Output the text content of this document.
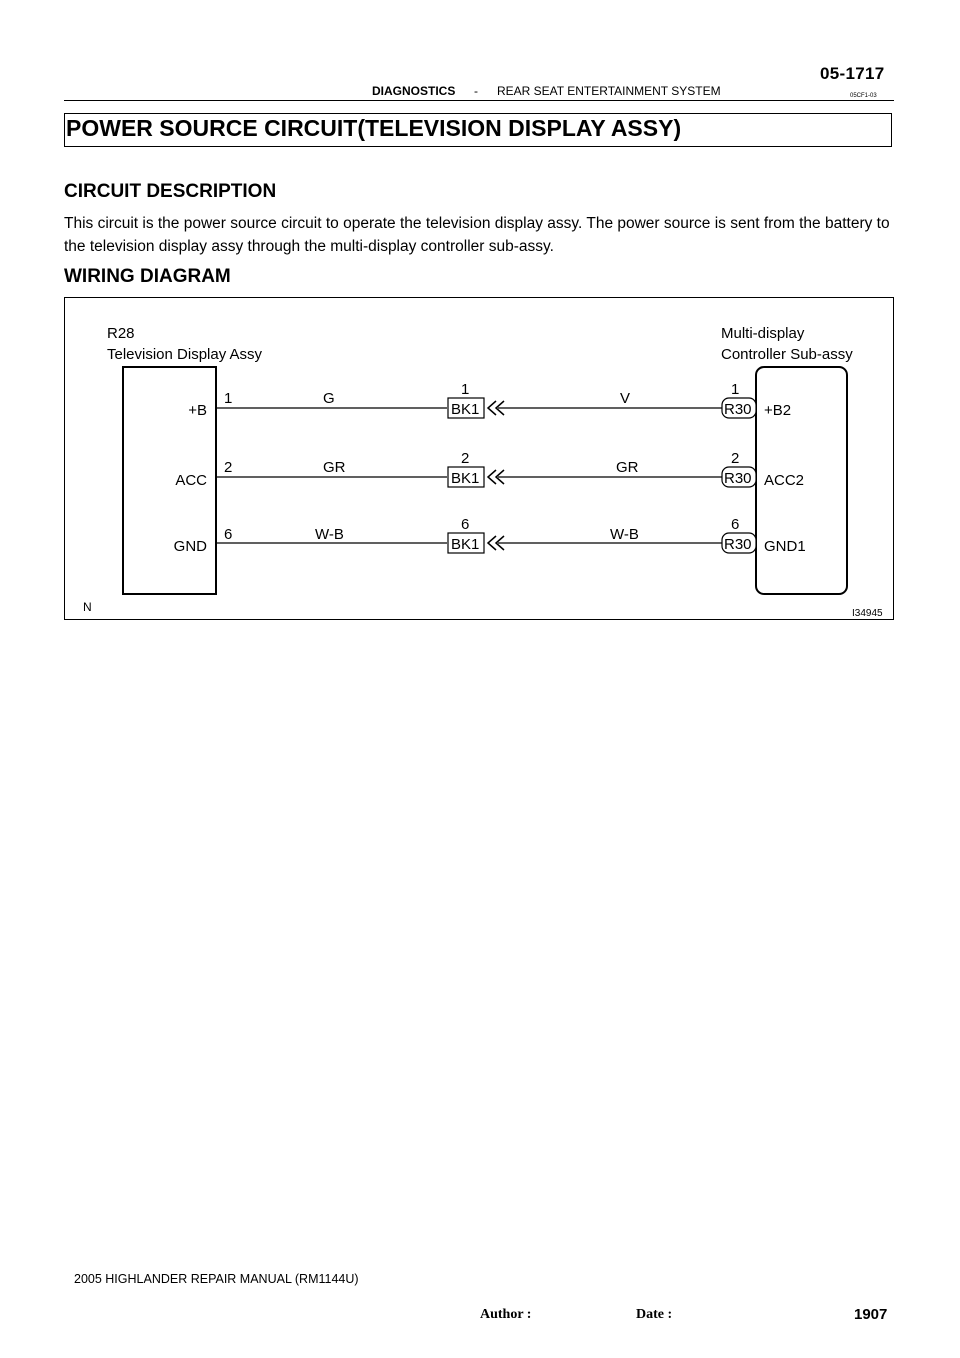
05-1717
DIAGNOSTICS - REAR SEAT ENTERTAINMENT SYSTEM	05CF1-03
POWER SOURCE CIRCUIT(TELEVISION DISPLAY ASSY)
CIRCUIT DESCRIPTION
This circuit is the power source circuit to operate the television display assy. The power source is sent from the battery to the television display assy through the multi-display controller sub-assy.
WIRING DIAGRAM
R28
Television Display Assy
Multi-display
Controller Sub-assy
+B
1	G
1
BK1
V
1
R30 +B2
ACC
2	GR
2
BK1
GR
2
R30 ACC2
GND
6	W-B
6
BK1
W-B
6
R30 GND1
N	I34945
2005 HIGHLANDER REPAIR MANUAL (RM1144U)
Author :	Date :	1907
